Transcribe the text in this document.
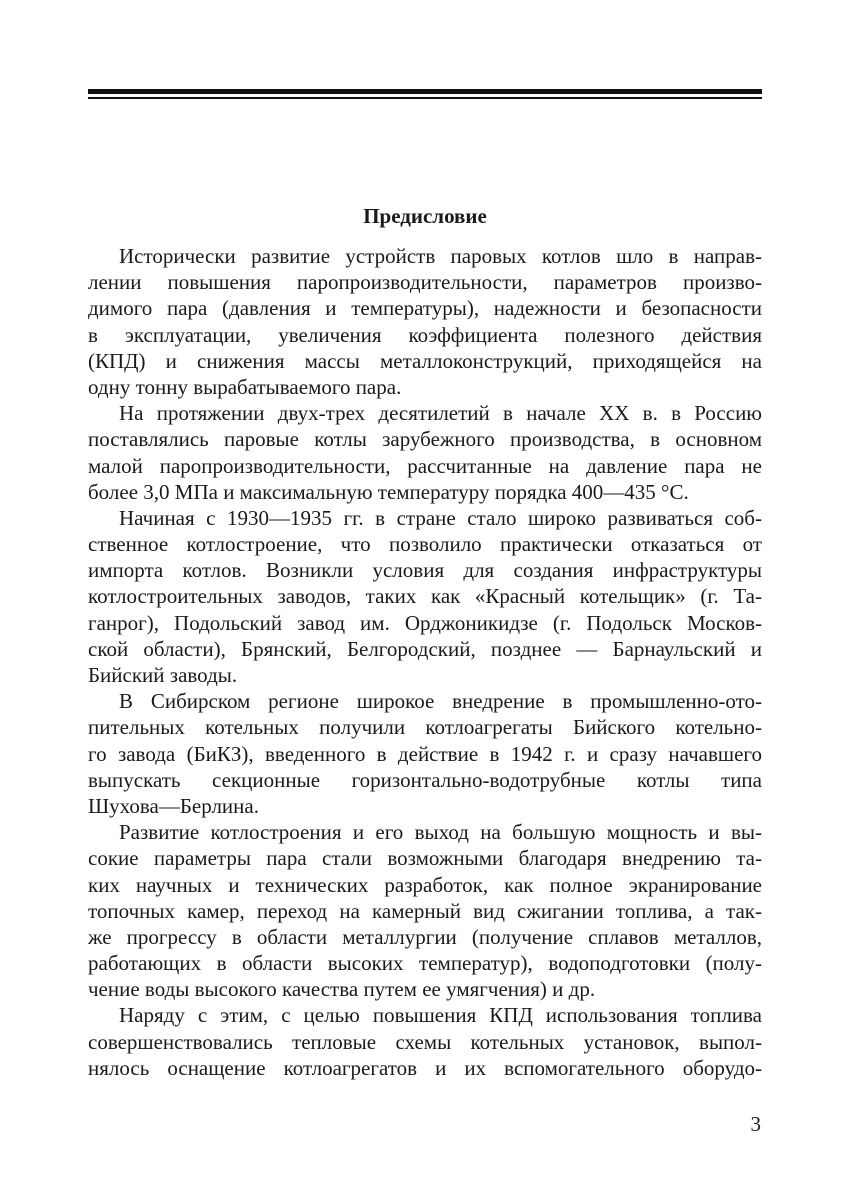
Предисловие
Исторически развитие устройств паровых котлов шло в направ-
лении повышения паропроизводительности, параметров произво-
димого пара (давления и температуры), надежности и безопасности
в эксплуатации, увеличения коэффициента полезного действия
(КПД) и снижения массы металлоконструкций, приходящейся на
одну тонну вырабатываемого пара.
На протяжении двух-трех десятилетий в начале XX в. в Россию
поставлялись паровые котлы зарубежного производства, в основном
малой паропроизводительности, рассчитанные на давление пара не
более 3,0 МПа и максимальную температуру порядка 400—435 °С.
Начиная с 1930—1935 гг. в стране стало широко развиваться соб-
ственное котлостроение, что позволило практически отказаться от
импорта котлов. Возникли условия для создания инфраструктуры
котлостроительных заводов, таких как «Красный котельщик» (г. Та-
ганрог), Подольский завод им. Орджоникидзе (г. Подольск Москов-
ской области), Брянский, Белгородский, позднее — Барнаульский и
Бийский заводы.
В Сибирском регионе широкое внедрение в промышленно-ото-
пительных котельных получили котлоагрегаты Бийского котельно-
го завода (БиКЗ), введенного в действие в 1942 г. и сразу начавшего
выпускать секционные горизонтально-водотрубные котлы типа
Шухова—Берлина.
Развитие котлостроения и его выход на большую мощность и вы-
сокие параметры пара стали возможными благодаря внедрению та-
ких научных и технических разработок, как полное экранирование
топочных камер, переход на камерный вид сжигании топлива, а так-
же прогрессу в области металлургии (получение сплавов металлов,
работающих в области высоких температур), водоподготовки (полу-
чение воды высокого качества путем ее умягчения) и др.
Наряду с этим, с целью повышения КПД использования топлива
совершенствовались тепловые схемы котельных установок, выпол-
нялось оснащение котлоагрегатов и их вспомогательного оборудо-
3
